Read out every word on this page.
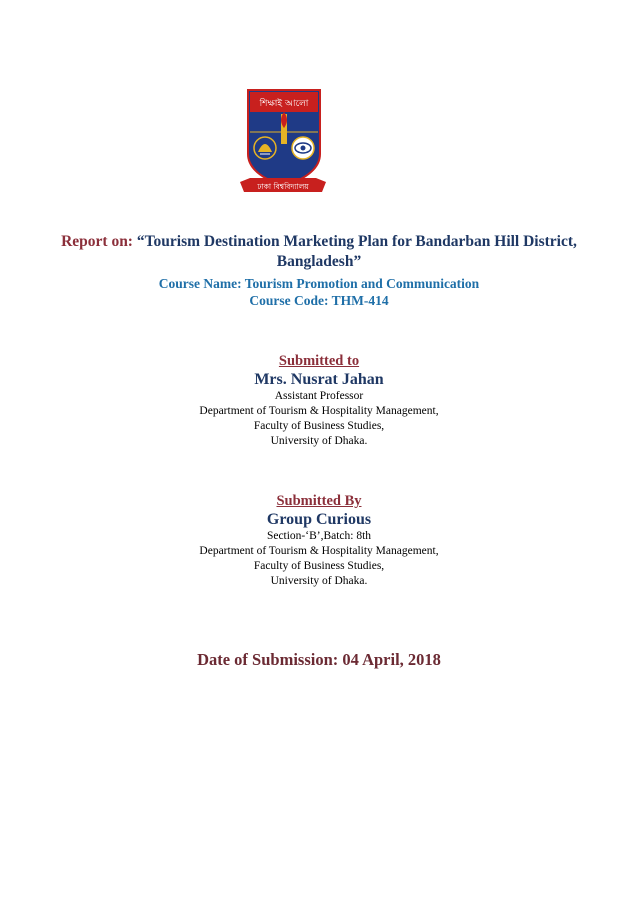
শিক্ষাই আলো
ঢাকা বিশ্ববিদ্যালয়
Report on: “Tourism Destination Marketing Plan for Bandarban Hill District,
Bangladesh”
Course Name: Tourism Promotion and Communication
Course Code: THM-414
Submitted to
Mrs. Nusrat Jahan
Assistant Professor
Department of Tourism & Hospitality Management,
Faculty of Business Studies,
University of Dhaka.
Submitted By
Group Curious
Section-‘B’,Batch: 8th
Department of Tourism & Hospitality Management,
Faculty of Business Studies,
University of Dhaka.
Date of Submission: 04 April, 2018
